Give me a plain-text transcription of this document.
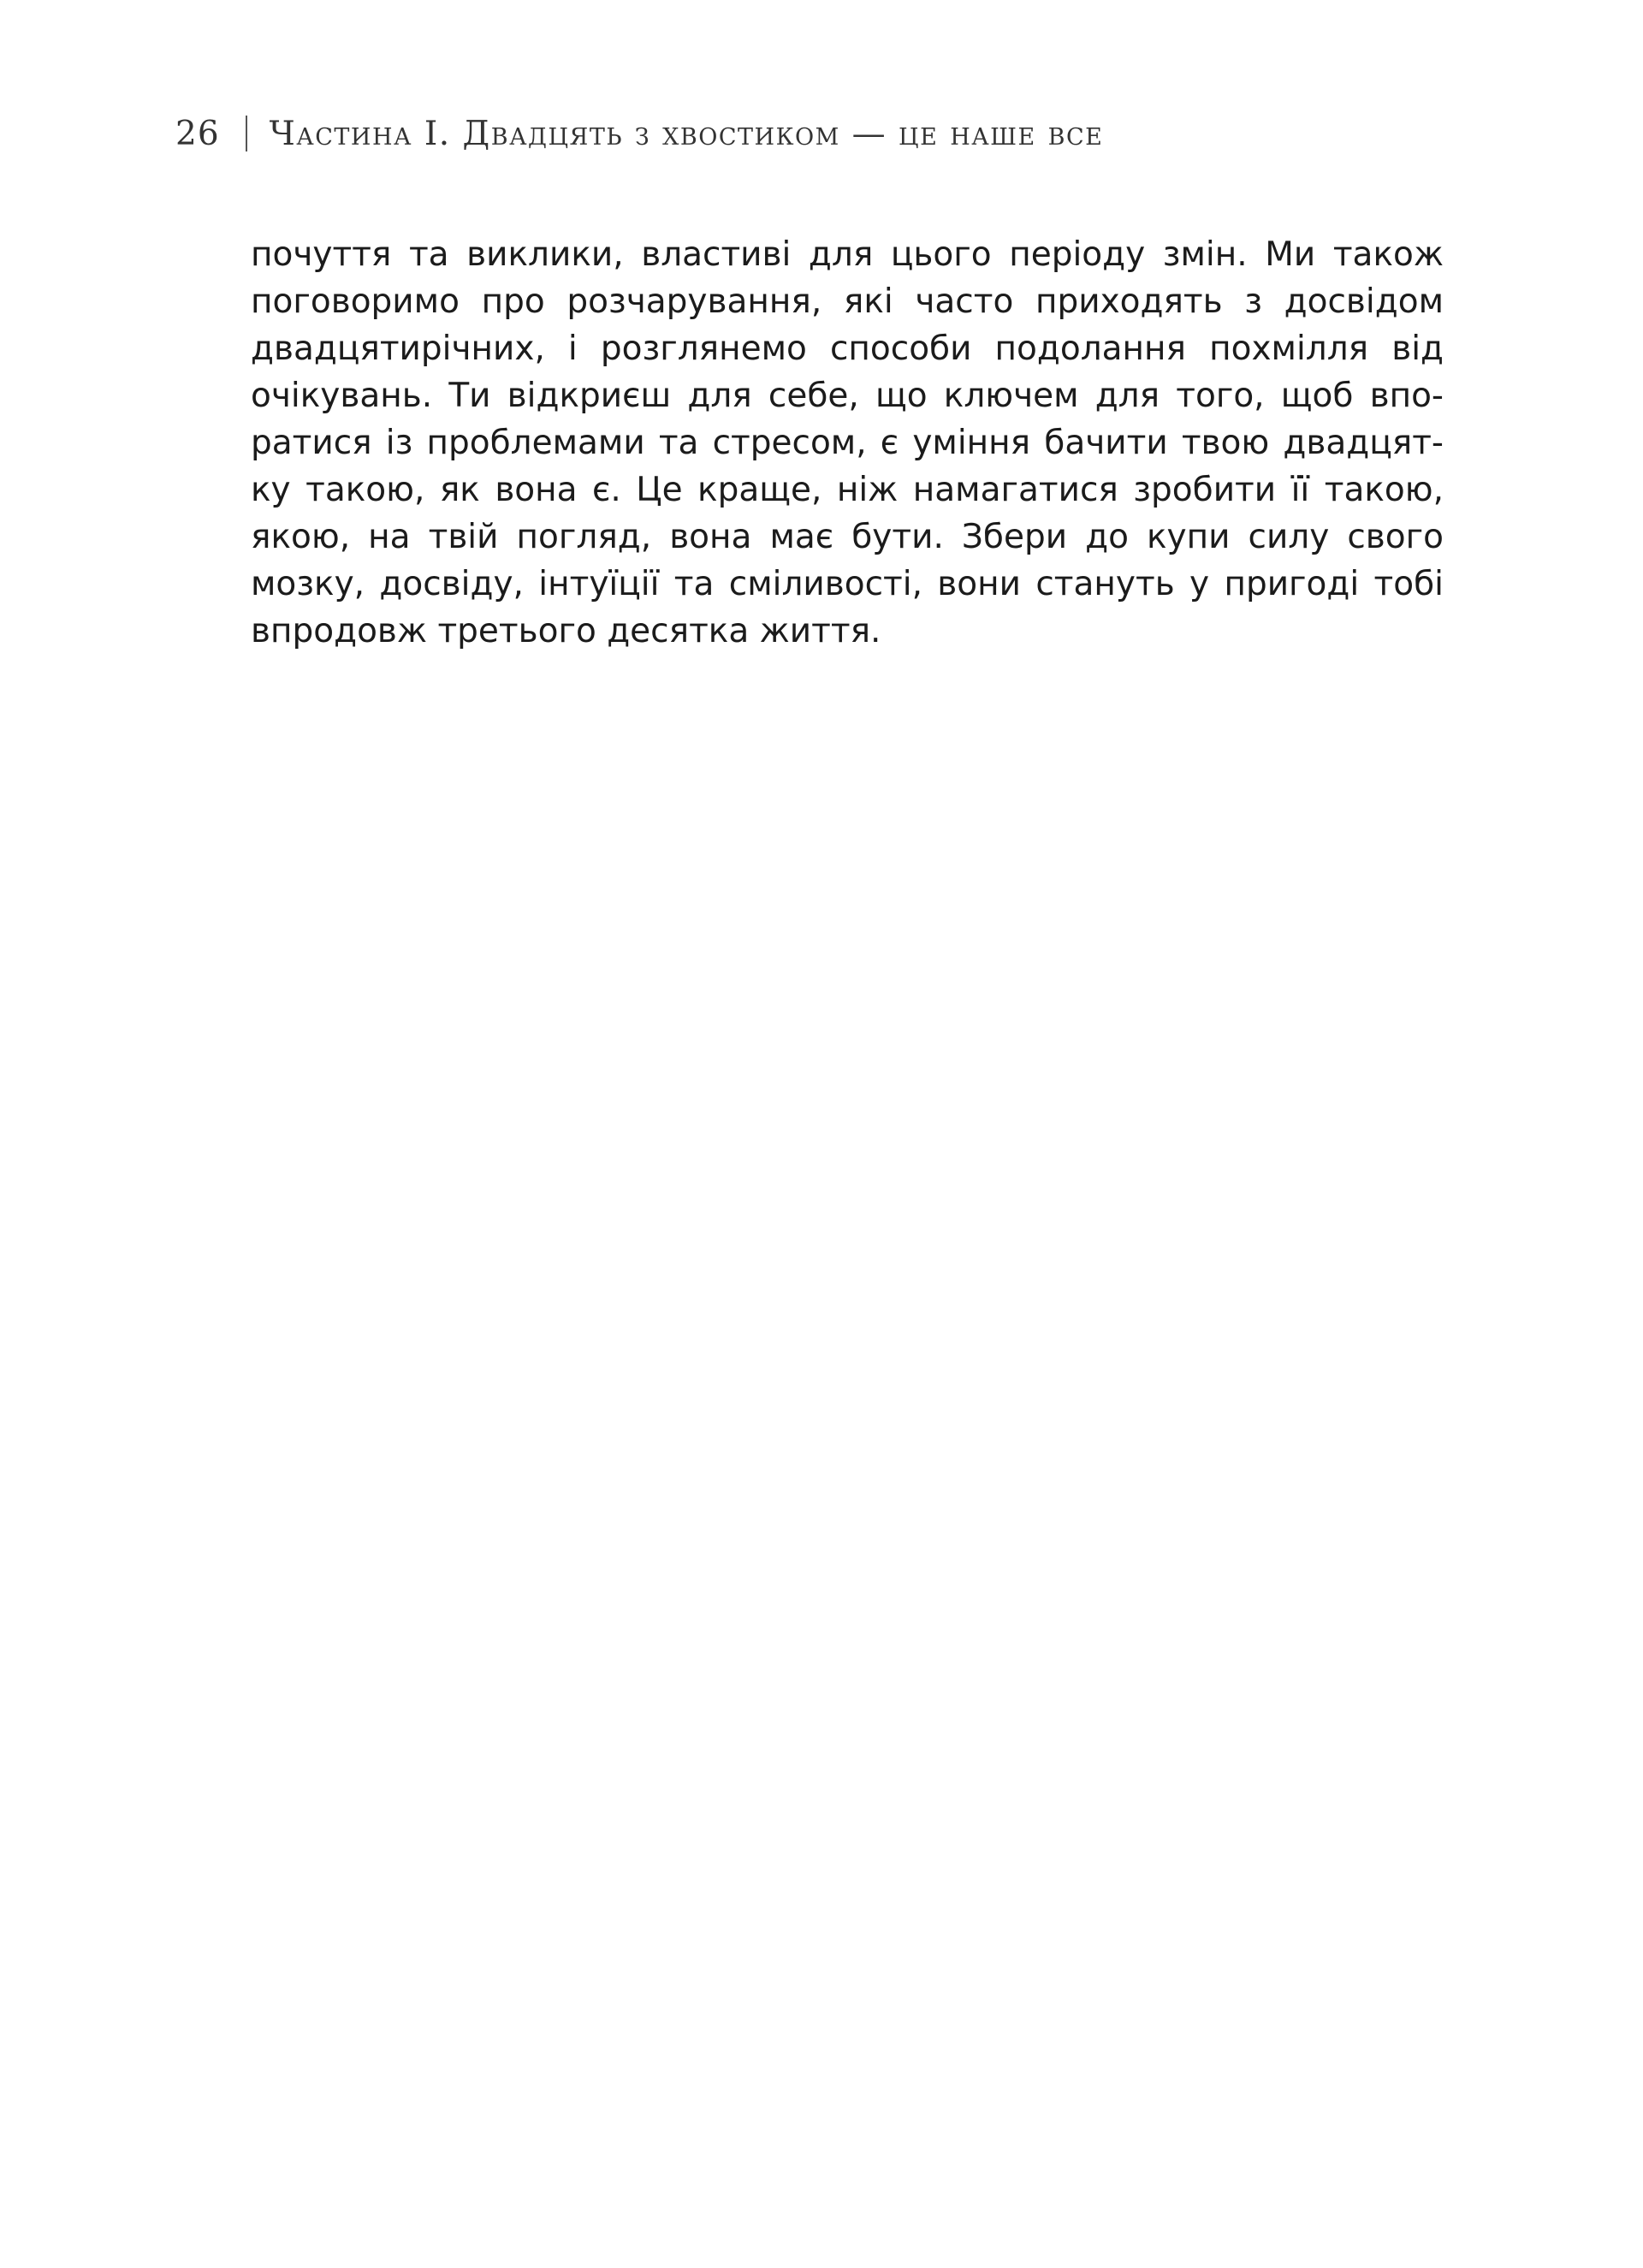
26 Частина I. Двадцять з хвостиком — це наше все
почуття та виклики, властиві для цього періоду змін. Ми також
поговоримо про розчарування, які часто приходять з досвідом
двадцятирічних, і розглянемо способи подолання похмілля від
очікувань. Ти відкриєш для себе, що ключем для того, щоб впо-
ратися із проблемами та стресом, є уміння бачити твою двадцят-
ку такою, як вона є. Це краще, ніж намагатися зробити її такою,
якою, на твій погляд, вона має бути. Збери до купи силу свого
мозку, досвіду, інтуїції та сміливості, вони стануть у пригоді тобі
впродовж третього десятка життя.
